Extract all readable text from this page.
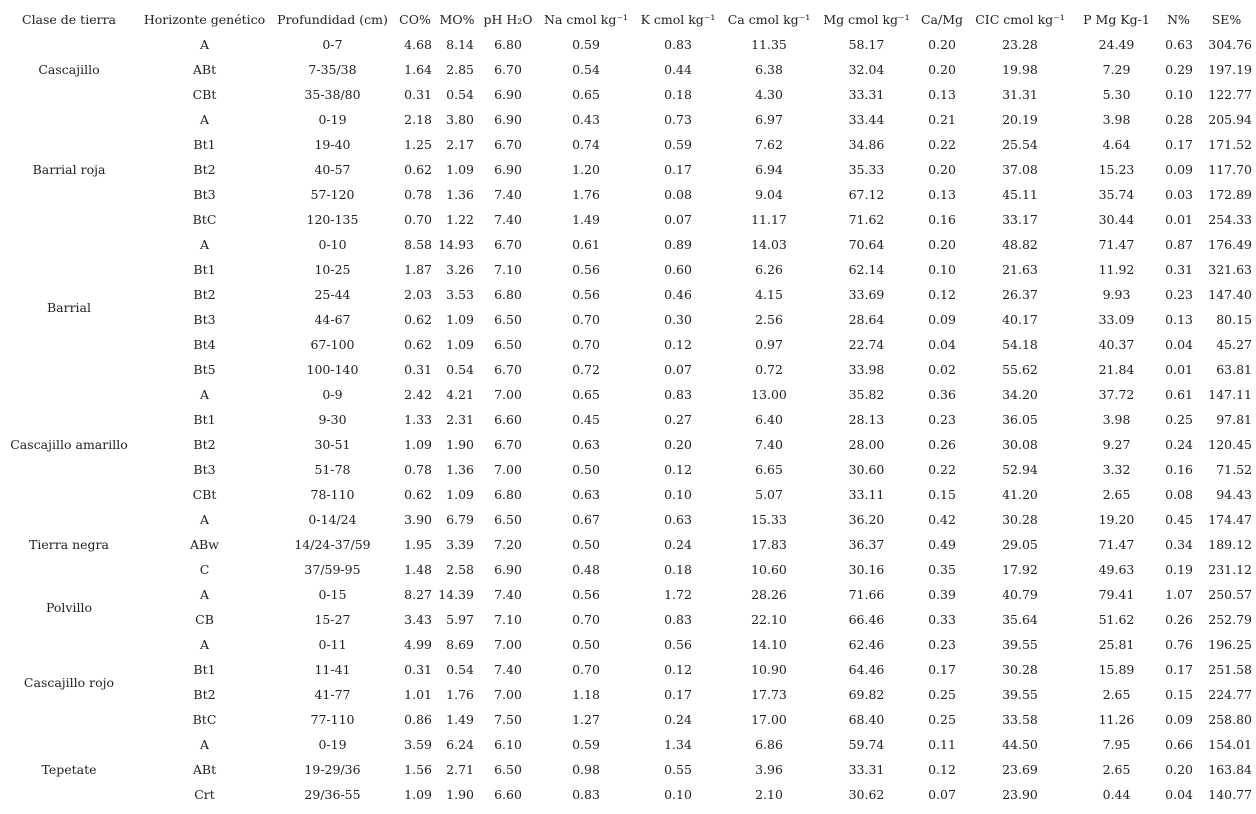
Clase de tierra	Horizonte genético	Profundidad (cm)	CO%	MO%	pH H₂O	Na cmol kg⁻¹	K cmol kg⁻¹	Ca cmol kg⁻¹	Mg cmol kg⁻¹	Ca/Mg	CIC cmol kg⁻¹	P Mg Kg-1	N%	SE%
Cascajillo	A	0-7	4.68	8.14	6.80	0.59	0.83	11.35	58.17	0.20	23.28	24.49	0.63	304.76
	ABt	7-35/38	1.64	2.85	6.70	0.54	0.44	6.38	32.04	0.20	19.98	7.29	0.29	197.19
	CBt	35-38/80	0.31	0.54	6.90	0.65	0.18	4.30	33.31	0.13	31.31	5.30	0.10	122.77
Barrial roja	A	0-19	2.18	3.80	6.90	0.43	0.73	6.97	33.44	0.21	20.19	3.98	0.28	205.94
	Bt1	19-40	1.25	2.17	6.70	0.74	0.59	7.62	34.86	0.22	25.54	4.64	0.17	171.52
	Bt2	40-57	0.62	1.09	6.90	1.20	0.17	6.94	35.33	0.20	37.08	15.23	0.09	117.70
	Bt3	57-120	0.78	1.36	7.40	1.76	0.08	9.04	67.12	0.13	45.11	35.74	0.03	172.89
	BtC	120-135	0.70	1.22	7.40	1.49	0.07	11.17	71.62	0.16	33.17	30.44	0.01	254.33
Barrial	A	0-10	8.58	14.93	6.70	0.61	0.89	14.03	70.64	0.20	48.82	71.47	0.87	176.49
	Bt1	10-25	1.87	3.26	7.10	0.56	0.60	6.26	62.14	0.10	21.63	11.92	0.31	321.63
	Bt2	25-44	2.03	3.53	6.80	0.56	0.46	4.15	33.69	0.12	26.37	9.93	0.23	147.40
	Bt3	44-67	0.62	1.09	6.50	0.70	0.30	2.56	28.64	0.09	40.17	33.09	0.13	80.15
	Bt4	67-100	0.62	1.09	6.50	0.70	0.12	0.97	22.74	0.04	54.18	40.37	0.04	45.27
	Bt5	100-140	0.31	0.54	6.70	0.72	0.07	0.72	33.98	0.02	55.62	21.84	0.01	63.81
Cascajillo amarillo	A	0-9	2.42	4.21	7.00	0.65	0.83	13.00	35.82	0.36	34.20	37.72	0.61	147.11
	Bt1	9-30	1.33	2.31	6.60	0.45	0.27	6.40	28.13	0.23	36.05	3.98	0.25	97.81
	Bt2	30-51	1.09	1.90	6.70	0.63	0.20	7.40	28.00	0.26	30.08	9.27	0.24	120.45
	Bt3	51-78	0.78	1.36	7.00	0.50	0.12	6.65	30.60	0.22	52.94	3.32	0.16	71.52
	CBt	78-110	0.62	1.09	6.80	0.63	0.10	5.07	33.11	0.15	41.20	2.65	0.08	94.43
Tierra negra	A	0-14/24	3.90	6.79	6.50	0.67	0.63	15.33	36.20	0.42	30.28	19.20	0.45	174.47
	ABw	14/24-37/59	1.95	3.39	7.20	0.50	0.24	17.83	36.37	0.49	29.05	71.47	0.34	189.12
	C	37/59-95	1.48	2.58	6.90	0.48	0.18	10.60	30.16	0.35	17.92	49.63	0.19	231.12
Polvillo	A	0-15	8.27	14.39	7.40	0.56	1.72	28.26	71.66	0.39	40.79	79.41	1.07	250.57
	CB	15-27	3.43	5.97	7.10	0.70	0.83	22.10	66.46	0.33	35.64	51.62	0.26	252.79
Cascajillo rojo	A	0-11	4.99	8.69	7.00	0.50	0.56	14.10	62.46	0.23	39.55	25.81	0.76	196.25
	Bt1	11-41	0.31	0.54	7.40	0.70	0.12	10.90	64.46	0.17	30.28	15.89	0.17	251.58
	Bt2	41-77	1.01	1.76	7.00	1.18	0.17	17.73	69.82	0.25	39.55	2.65	0.15	224.77
	BtC	77-110	0.86	1.49	7.50	1.27	0.24	17.00	68.40	0.25	33.58	11.26	0.09	258.80
Tepetate	A	0-19	3.59	6.24	6.10	0.59	1.34	6.86	59.74	0.11	44.50	7.95	0.66	154.01
	ABt	19-29/36	1.56	2.71	6.50	0.98	0.55	3.96	33.31	0.12	23.69	2.65	0.20	163.84
	Crt	29/36-55	1.09	1.90	6.60	0.83	0.10	2.10	30.62	0.07	23.90	0.44	0.04	140.77
